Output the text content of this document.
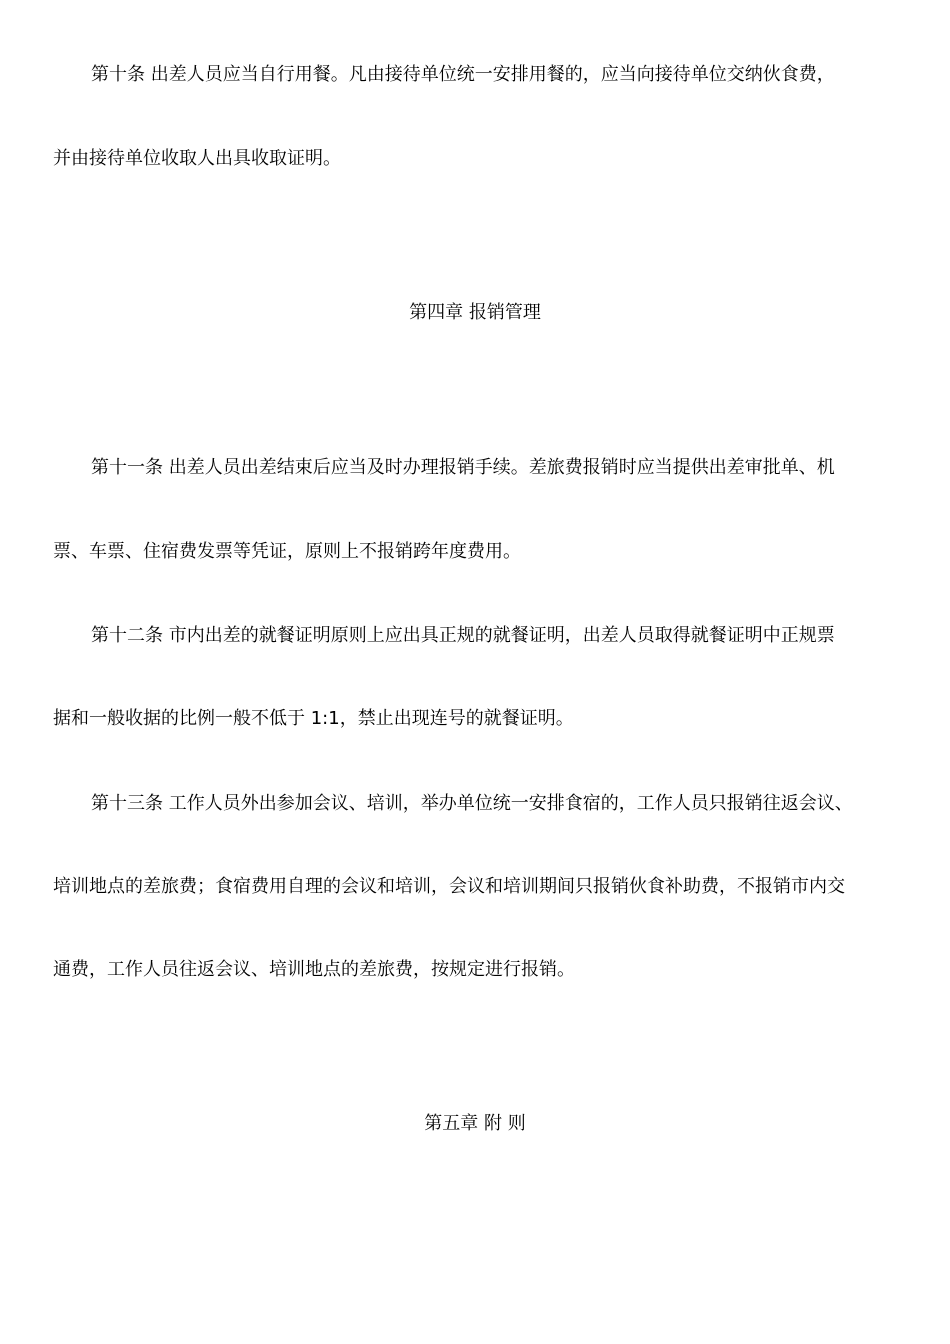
第十条 出差人员应当自行用餐。凡由接待单位统一安排用餐的，应当向接待单位交纳伙食费，
并由接待单位收取人出具收取证明。
第四章 报销管理
第十一条 出差人员出差结束后应当及时办理报销手续。差旅费报销时应当提供出差审批单、机
票、车票、住宿费发票等凭证，原则上不报销跨年度费用。
第十二条 市内出差的就餐证明原则上应出具正规的就餐证明，出差人员取得就餐证明中正规票
据和一般收据的比例一般不低于 1:1，禁止出现连号的就餐证明。
第十三条 工作人员外出参加会议、培训，举办单位统一安排食宿的，工作人员只报销往返会议、
培训地点的差旅费；食宿费用自理的会议和培训，会议和培训期间只报销伙食补助费，不报销市内交
通费，工作人员往返会议、培训地点的差旅费，按规定进行报销。
第五章 附 则
